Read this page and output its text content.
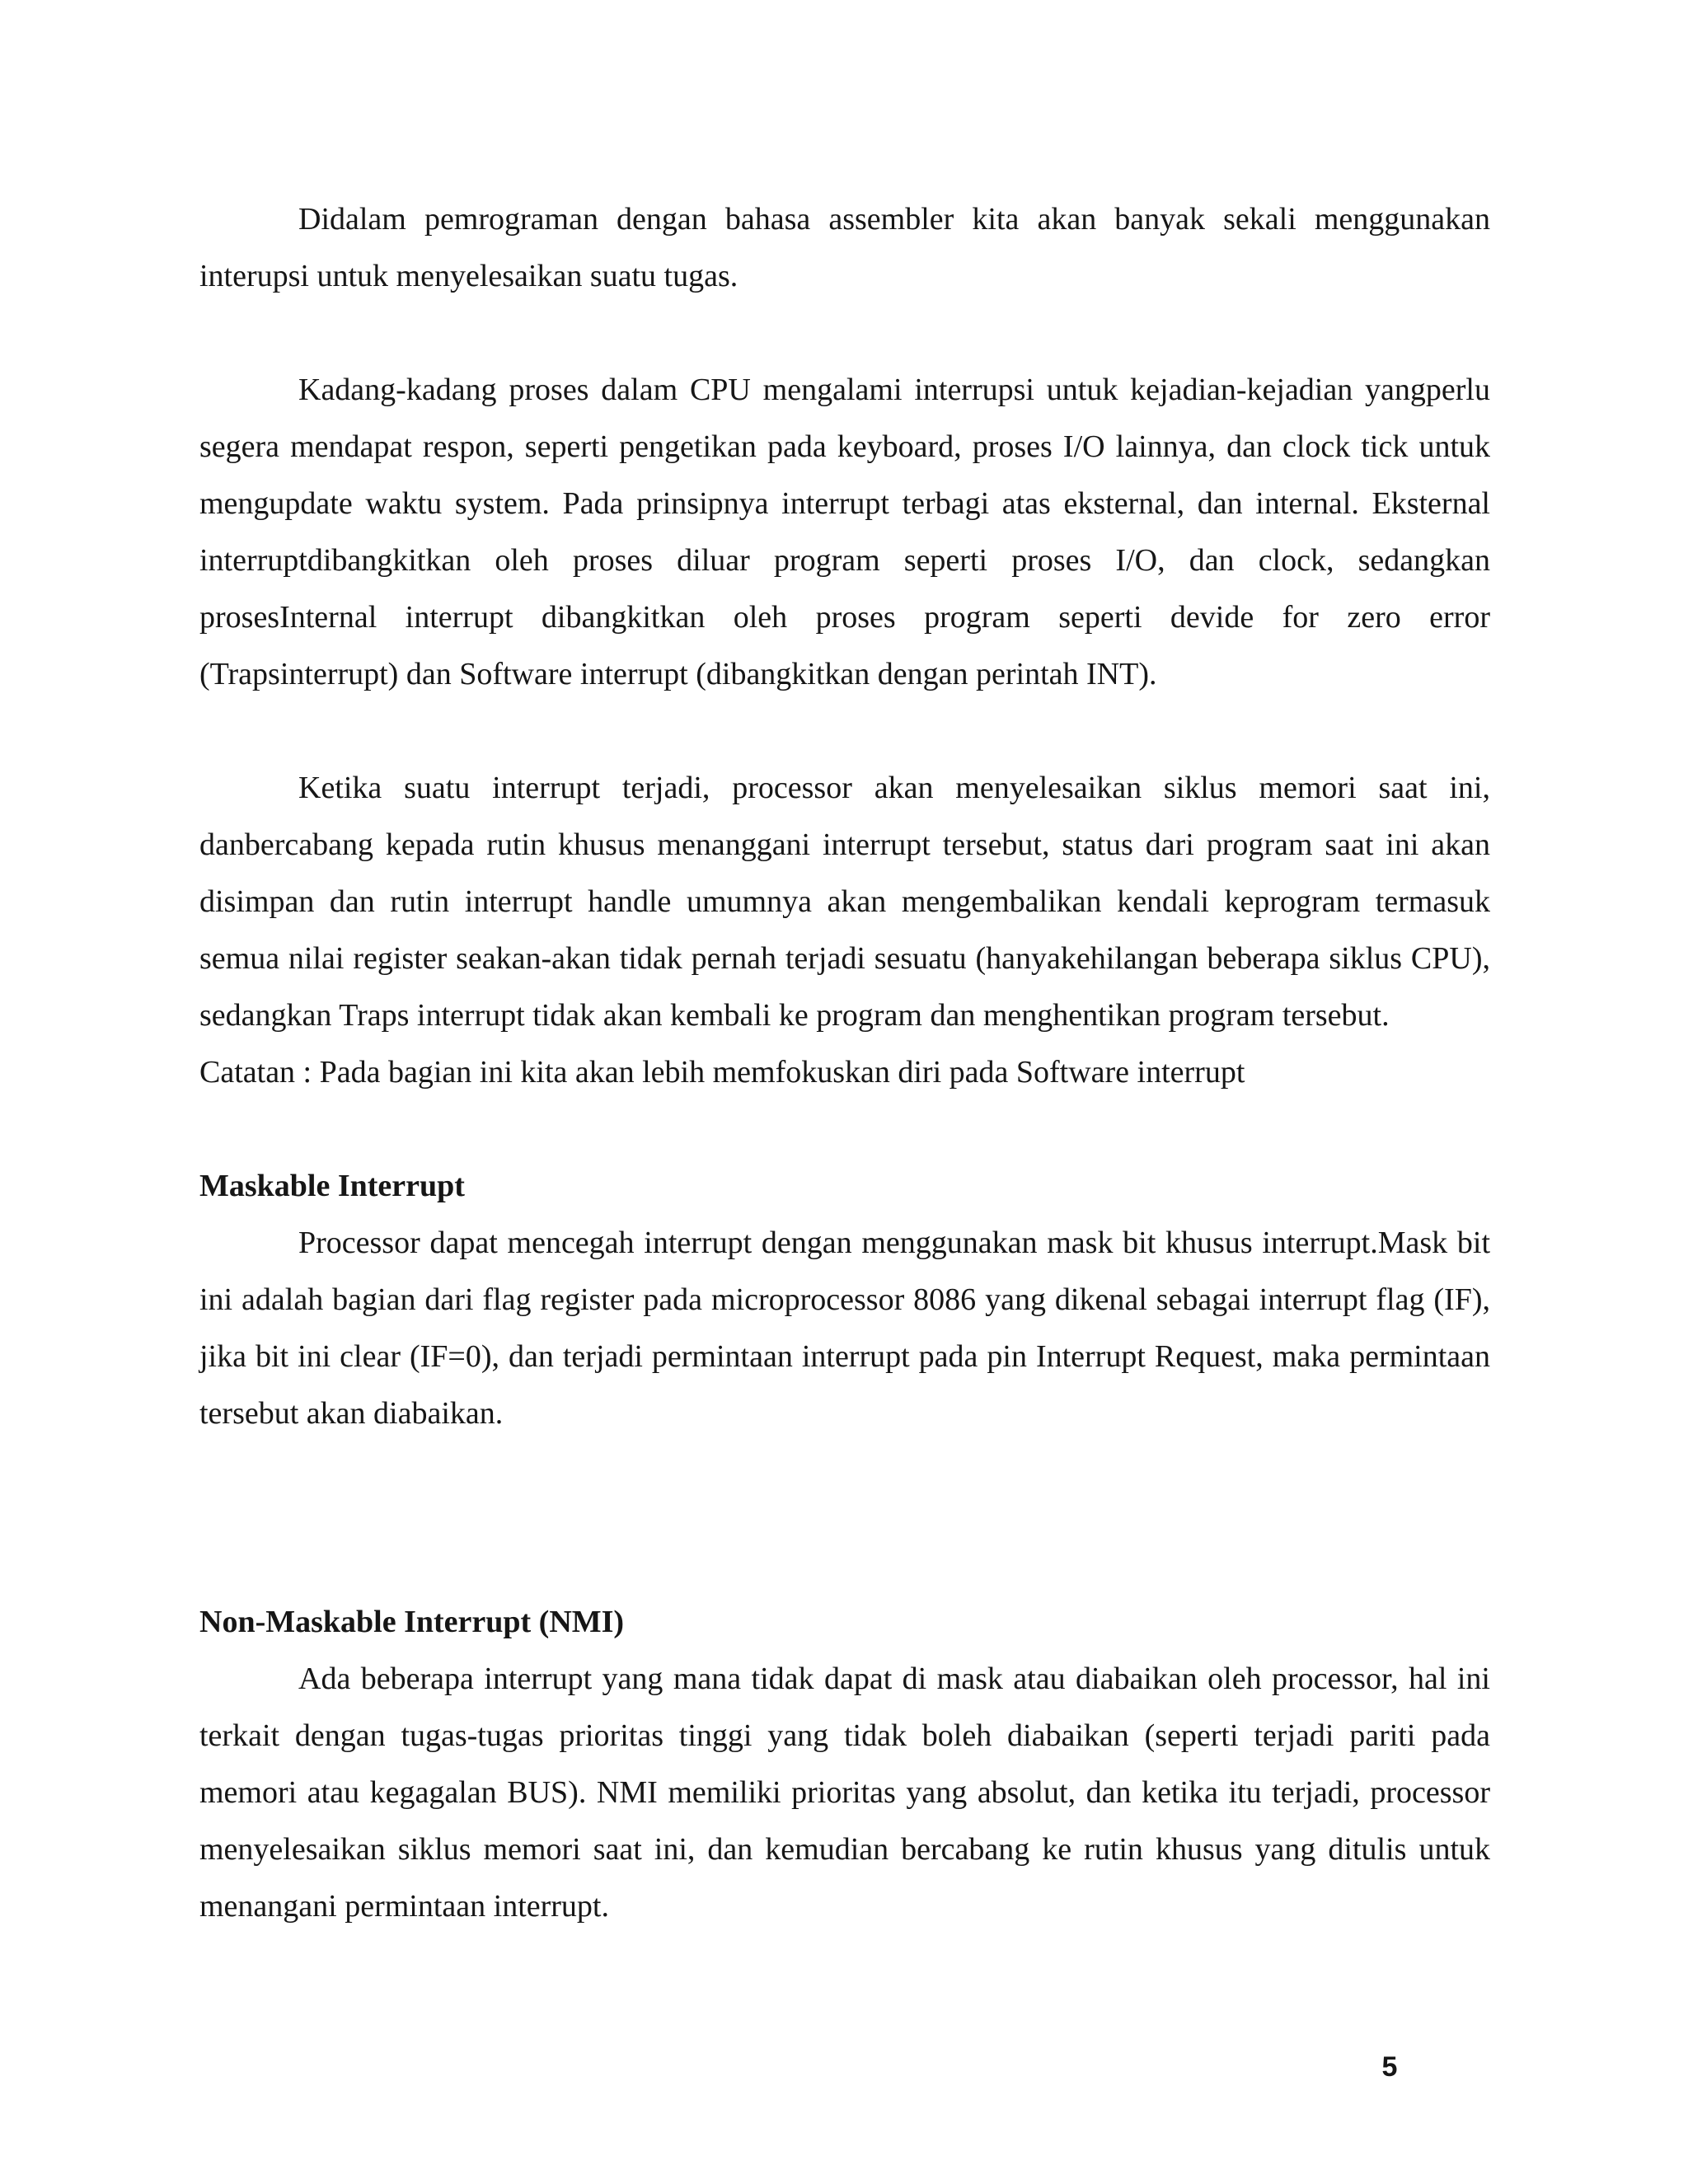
Didalam pemrograman dengan bahasa assembler kita akan banyak sekali menggunakan interupsi untuk menyelesaikan suatu tugas.

Kadang-kadang proses dalam CPU mengalami interrupsi untuk kejadian-kejadian yangperlu segera mendapat respon, seperti pengetikan pada keyboard, proses I/O lainnya, dan clock tick untuk mengupdate waktu system. Pada prinsipnya interrupt terbagi atas eksternal, dan internal. Eksternal interruptdibangkitkan oleh proses diluar program seperti proses I/O, dan clock, sedangkan prosesInternal interrupt dibangkitkan oleh proses program seperti devide for zero error (Trapsinterrupt) dan Software interrupt (dibangkitkan dengan perintah INT).

Ketika suatu interrupt terjadi, processor akan menyelesaikan siklus memori saat ini, danbercabang kepada rutin khusus menanggani interrupt tersebut, status dari program saat ini akan disimpan dan rutin interrupt handle umumnya akan mengembalikan kendali keprogram termasuk semua nilai register seakan-akan tidak pernah terjadi sesuatu (hanyakehilangan beberapa siklus CPU), sedangkan Traps interrupt tidak akan kembali ke program dan menghentikan program tersebut.

Catatan : Pada bagian ini kita akan lebih memfokuskan diri pada Software interrupt

Maskable Interrupt

Processor dapat mencegah interrupt dengan menggunakan mask bit khusus interrupt.Mask bit ini adalah bagian dari flag register pada microprocessor 8086 yang dikenal sebagai interrupt flag (IF), jika bit ini clear (IF=0), dan terjadi permintaan interrupt pada pin Interrupt Request, maka permintaan tersebut akan diabaikan.

Non-Maskable Interrupt (NMI)

Ada beberapa interrupt yang mana tidak dapat di mask atau diabaikan oleh processor, hal ini terkait dengan tugas-tugas prioritas tinggi yang tidak boleh diabaikan (seperti terjadi pariti pada memori atau kegagalan BUS). NMI memiliki prioritas yang absolut, dan ketika itu terjadi, processor menyelesaikan siklus memori saat ini, dan kemudian bercabang ke rutin khusus yang ditulis untuk menangani permintaan interrupt.

5
